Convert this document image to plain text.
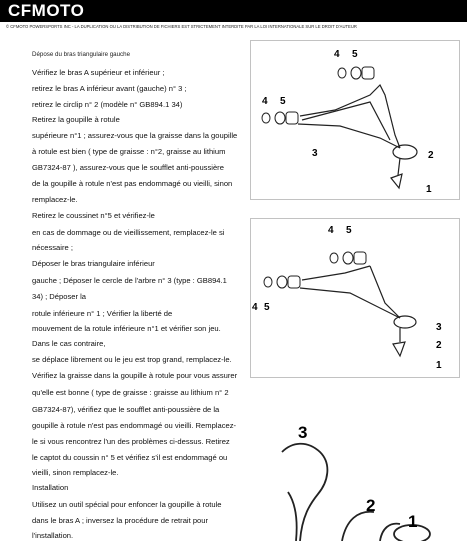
CFMOTO
© CFMOTO POWERSPORTS INC - LA DUPLICATION OU LA DISTRIBUTION DE FICHIERS EST STRICTEMENT INTERDITE PAR LA LOI INTERNATIONALE SUR LE DROIT D'AUTEUR
Dépose du bras triangulaire gauche
Vérifiez le bras A supérieur et inférieur ;
retirez le bras A inférieur avant (gauche) n° 3 ;
retirez le circlip n° 2 (modèle n° GB894.1 34)
Retirez la goupille à rotule
supérieure n°1 ; assurez-vous que la graisse dans la goupille
à rotule est bien ( type de graisse : n°2, graisse au lithium
GB7324-87 ), assurez-vous que le soufflet anti-poussière
de la goupille à rotule n'est pas endommagé ou vieilli, sinon
remplacez-le.
Retirez le coussinet n°5 et vérifiez-le
en cas de dommage ou de vieillissement, remplacez-le si
nécessaire ;
Déposer le bras triangulaire inférieur
gauche ; Déposer le cercle de l'arbre n° 3 (type : GB894.1
34) ; Déposer la
rotule inférieure n° 1 ; Vérifier la liberté de
mouvement de la rotule inférieure n°1 et vérifier son jeu.
Dans le cas contraire,
se déplace librement ou le jeu est trop grand, remplacez-le.
Vérifiez la graisse dans la goupille à rotule pour vous assurer
qu'elle est bonne ( type de graisse : graisse au lithium n° 2
GB7324-87), vérifiez que le soufflet anti-poussière de la
goupille à rotule n'est pas endommagé ou vieilli. Remplacez-
le si vous rencontrez l'un des problèmes ci-dessus. Retirez
le captot du coussin n° 5 et vérifiez s'il est endommagé ou
vieilli, sinon remplacez-le.
Installation
Utilisez un outil spécial pour enfoncer la goupille à rotule
dans le bras A ; inversez la procédure de retrait pour
l'installation.
4 5
4 5
3	2
1
4 5
4 5
3
2
1
3
2
1
